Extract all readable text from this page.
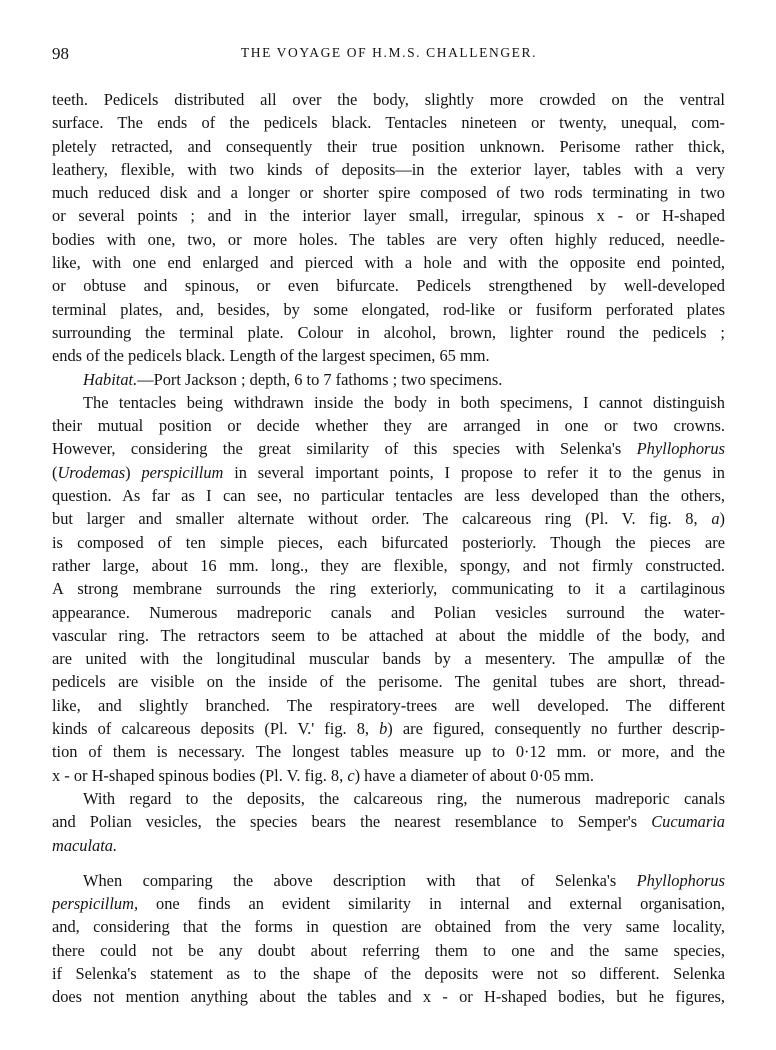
98	THE VOYAGE OF H.M.S. CHALLENGER.
teeth. Pedicels distributed all over the body, slightly more crowded on the ventral
surface. The ends of the pedicels black. Tentacles nineteen or twenty, unequal, com-
pletely retracted, and consequently their true position unknown. Perisome rather thick,
leathery, flexible, with two kinds of deposits—in the exterior layer, tables with a very
much reduced disk and a longer or shorter spire composed of two rods terminating in two
or several points ; and in the interior layer small, irregular, spinous x - or H-shaped
bodies with one, two, or more holes. The tables are very often highly reduced, needle-
like, with one end enlarged and pierced with a hole and with the opposite end pointed,
or obtuse and spinous, or even bifurcate. Pedicels strengthened by well-developed
terminal plates, and, besides, by some elongated, rod-like or fusiform perforated plates
surrounding the terminal plate. Colour in alcohol, brown, lighter round the pedicels ;
ends of the pedicels black. Length of the largest specimen, 65 mm.
Habitat.—Port Jackson ; depth, 6 to 7 fathoms ; two specimens.
The tentacles being withdrawn inside the body in both specimens, I cannot distinguish
their mutual position or decide whether they are arranged in one or two crowns.
However, considering the great similarity of this species with Selenka's Phyllophorus
(Urodemas) perspicillum in several important points, I propose to refer it to the genus in
question. As far as I can see, no particular tentacles are less developed than the others,
but larger and smaller alternate without order. The calcareous ring (Pl. V. fig. 8, a)
is composed of ten simple pieces, each bifurcated posteriorly. Though the pieces are
rather large, about 16 mm. long., they are flexible, spongy, and not firmly constructed.
A strong membrane surrounds the ring exteriorly, communicating to it a cartilaginous
appearance. Numerous madreporic canals and Polian vesicles surround the water-
vascular ring. The retractors seem to be attached at about the middle of the body, and
are united with the longitudinal muscular bands by a mesentery. The ampullæ of the
pedicels are visible on the inside of the perisome. The genital tubes are short, thread-
like, and slightly branched. The respiratory-trees are well developed. The different
kinds of calcareous deposits (Pl. V.' fig. 8, b) are figured, consequently no further descrip-
tion of them is necessary. The longest tables measure up to 0·12 mm. or more, and the
x - or H-shaped spinous bodies (Pl. V. fig. 8, c) have a diameter of about 0·05 mm.
With regard to the deposits, the calcareous ring, the numerous madreporic canals
and Polian vesicles, the species bears the nearest resemblance to Semper's Cucumaria
maculata.
When comparing the above description with that of Selenka's Phyllophorus
perspicillum, one finds an evident similarity in internal and external organisation,
and, considering that the forms in question are obtained from the very same locality,
there could not be any doubt about referring them to one and the same species,
if Selenka's statement as to the shape of the deposits were not so different. Selenka
does not mention anything about the tables and x - or H-shaped bodies, but he figures,
